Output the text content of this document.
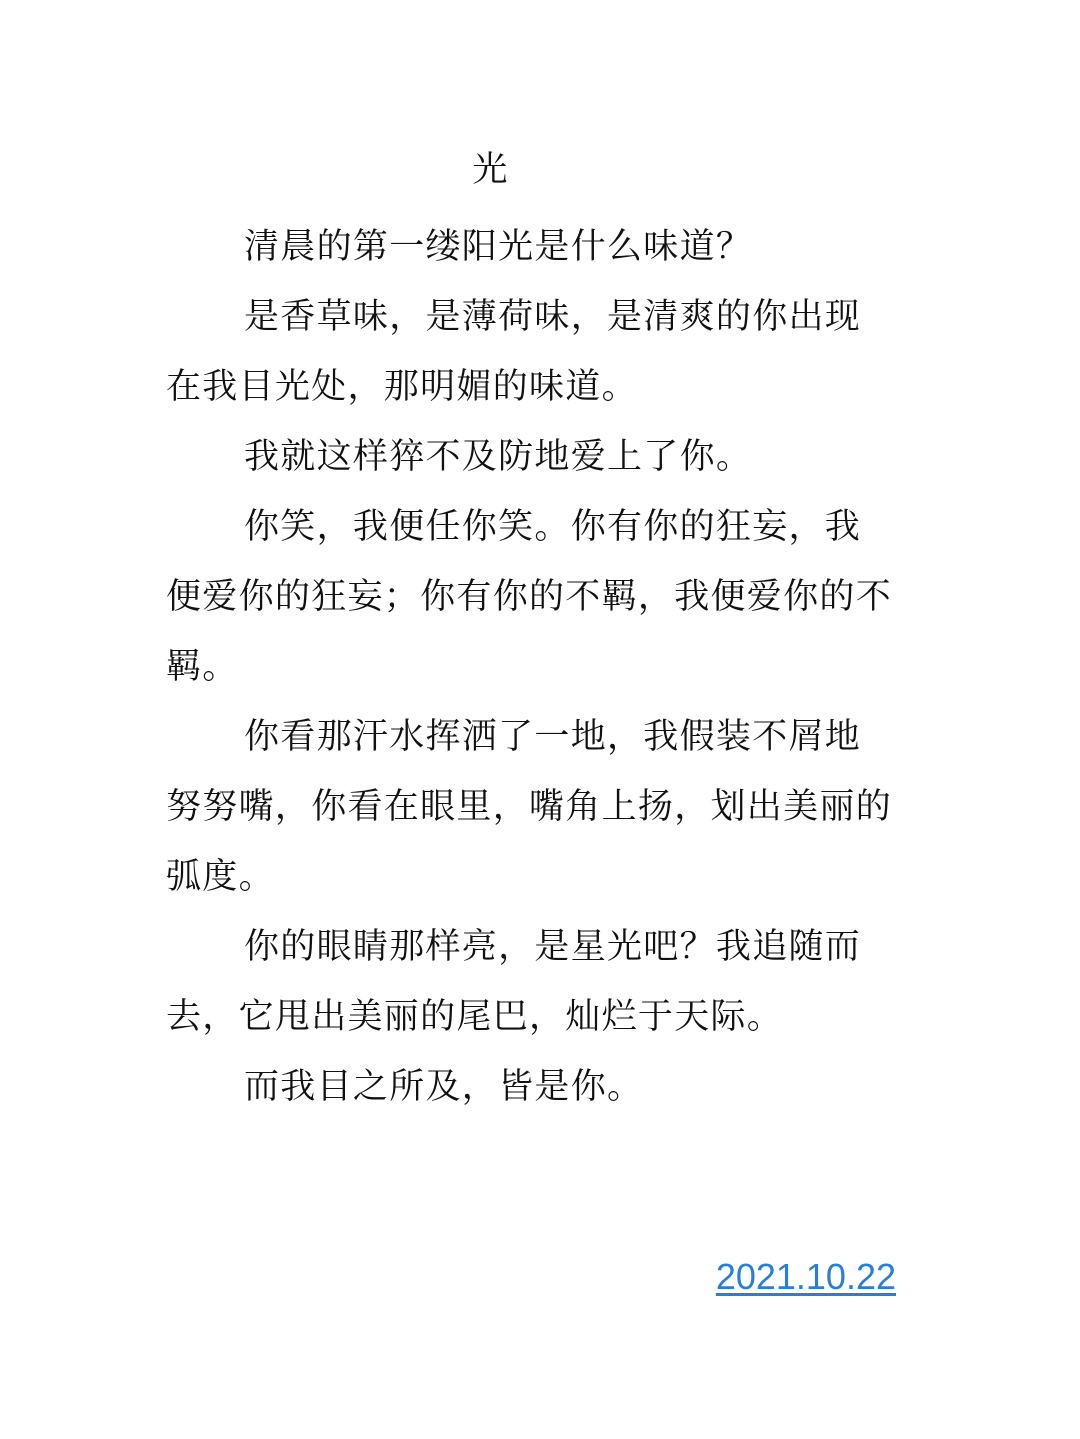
光

清晨的第一缕阳光是什么味道？

是香草味，是薄荷味，是清爽的你出现在我目光处，那明媚的味道。

我就这样猝不及防地爱上了你。

你笑，我便任你笑。你有你的狂妄，我便爱你的狂妄；你有你的不羁，我便爱你的不羁。

你看那汗水挥洒了一地，我假装不屑地努努嘴，你看在眼里，嘴角上扬，划出美丽的弧度。

你的眼睛那样亮，是星光吧？我追随而去，它甩出美丽的尾巴，灿烂于天际。

而我目之所及，皆是你。

2021.10.22
